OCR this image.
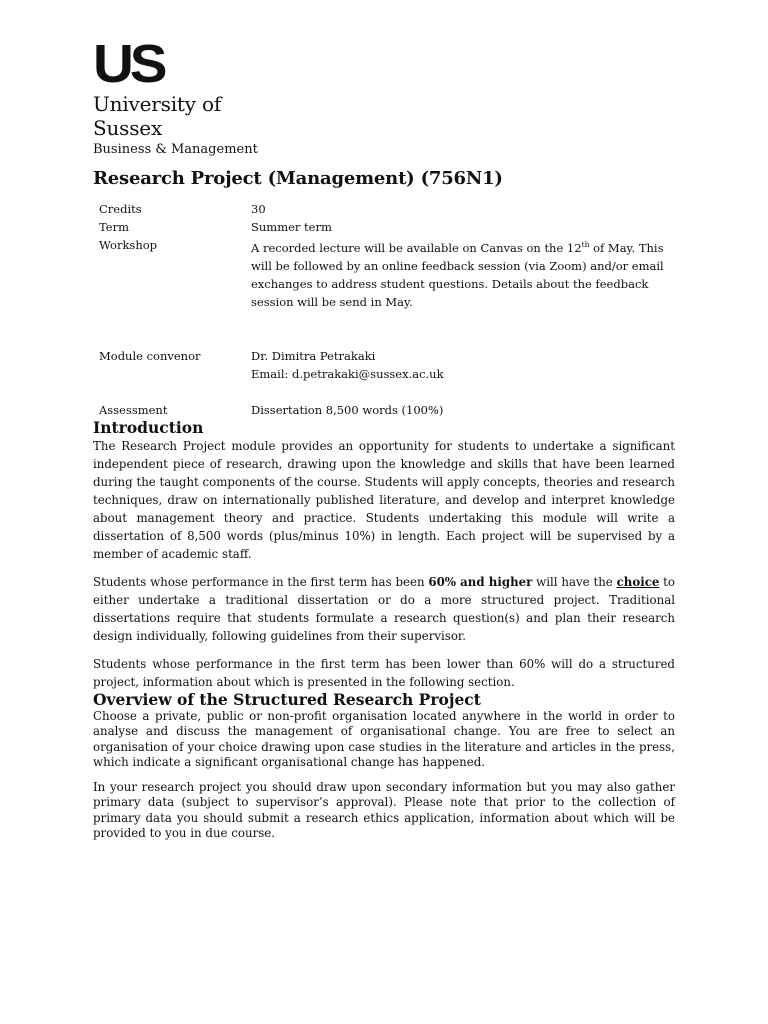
US
University of Sussex
Business & Management
Research Project (Management) (756N1)
Credits	30
Term	Summer term
Workshop	A recorded lecture will be available on Canvas on the 12th of May. This will be followed by an online feedback session (via Zoom) and/or email exchanges to address student questions. Details about the feedback session will be send in May.
Module convenor	Dr. Dimitra Petrakaki
Email: d.petrakaki@sussex.ac.uk
Assessment	Dissertation 8,500 words (100%)
Introduction

The Research Project module provides an opportunity for students to undertake a significant independent piece of research, drawing upon the knowledge and skills that have been learned during the taught components of the course. Students will apply concepts, theories and research techniques, draw on internationally published literature, and develop and interpret knowledge about management theory and practice. Students undertaking this module will write a dissertation of 8,500 words (plus/minus 10%) in length. Each project will be supervised by a member of academic staff.

Students whose performance in the first term has been 60% and higher will have the choice to either undertake a traditional dissertation or do a more structured project. Traditional dissertations require that students formulate a research question(s) and plan their research design individually, following guidelines from their supervisor.

Students whose performance in the first term has been lower than 60% will do a structured project, information about which is presented in the following section.

Overview of the Structured Research Project

Choose a private, public or non-profit organisation located anywhere in the world in order to analyse and discuss the management of organisational change. You are free to select an organisation of your choice drawing upon case studies in the literature and articles in the press, which indicate a significant organisational change has happened.

In your research project you should draw upon secondary information but you may also gather primary data (subject to supervisor’s approval). Please note that prior to the collection of primary data you should submit a research ethics application, information about which will be provided to you in due course.
